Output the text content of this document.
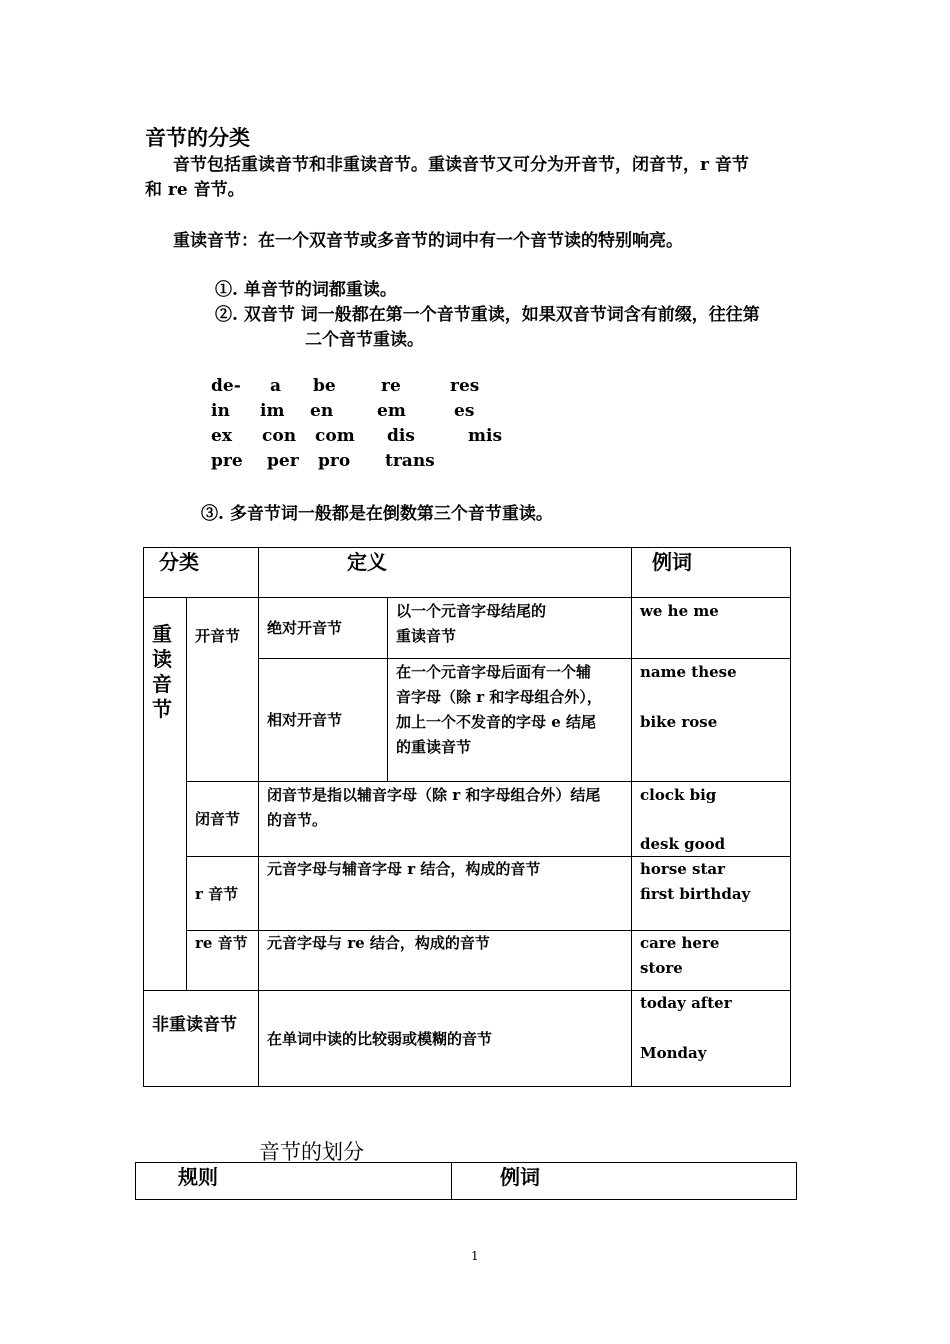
音节的分类
音节包括重读音节和非重读音节。重读音节又可分为开音节，闭音节，r 音节
和 re 音节。
重读音节：在一个双音节或多音节的词中有一个音节读的特别响亮。
①. 单音节的词都重读。
②. 双音节 词一般都在第一个音节重读，如果双音节词含有前缀，往往第
二个音节重读。
de- a be	re	res
in im en	em	es
ex con com dis	mis
pre per pro trans
③. 多音节词一般都是在倒数第三个音节重读。
分类		定义		例词

重读音节	开音节	绝对开音节	以一个元音字母结尾的
重读音节	we he me

		相对开音节	在一个元音字母后面有一个辅
音字母（除 r 和字母组合外），
加上一个不发音的字母 e 结尾
的重读音节	name these
bike rose

	闭音节	闭音节是指以辅音字母（除 r 和字母组合外）结尾
的音节。		clock big
desk good

	r 音节	元音字母与辅音字母 r 结合，构成的音节		horse star
first birthday

	re 音节	元音字母与 re 结合，构成的音节		care here
store

非重读音节		在单词中读的比较弱或模糊的音节		today after
Monday
音节的划分
规则	例词
1
